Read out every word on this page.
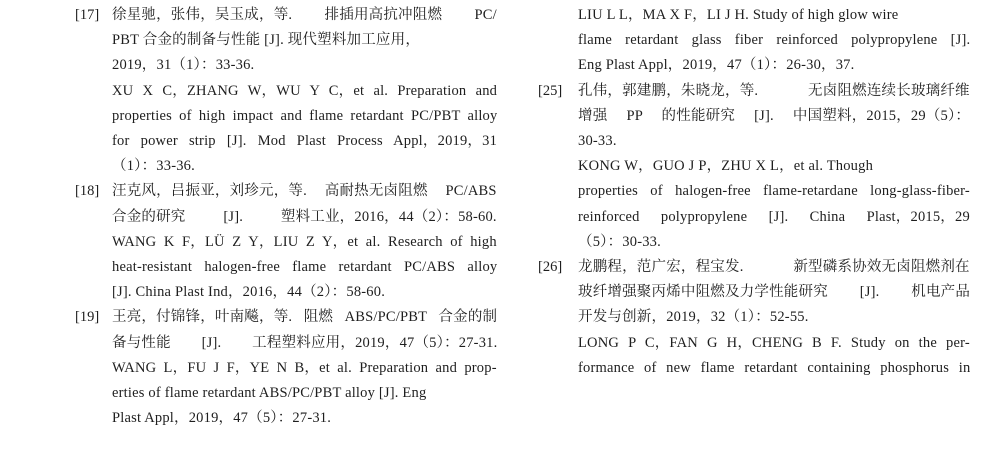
[17] 徐星驰，张伟，吴玉成，等. 排插用高抗冲阻燃 PC/
PBT 合金的制备与性能 [J]. 现代塑料加工应用，
2019，31（1）：33-36.
XU X C，ZHANG W，WU Y C，et al. Preparation and
properties of high impact and flame retardant PC/PBT alloy
for power strip [J]. Mod Plast Process Appl，2019，31
（1）：33-36.
[18] 汪克风，吕振亚，刘珍元，等. 高耐热无卤阻燃 PC/ABS
合金的研究 [J]. 塑料工业，2016，44（2）：58-60.
WANG K F，LÜ Z Y，LIU Z Y，et al. Research of high
heat-resistant halogen-free flame retardant PC/ABS alloy
[J]. China Plast Ind，2016，44（2）：58-60.
[19] 王亮，付锦锋，叶南飚，等. 阻燃 ABS/PC/PBT 合金的制
备与性能 [J]. 工程塑料应用，2019，47（5）：27-31.
WANG L，FU J F，YE N B，et al. Preparation and prop-
erties of flame retardant ABS/PC/PBT alloy [J]. Eng
Plast Appl，2019，47（5）：27-31.
LIU L L，MA X F，LI J H. Study of high glow wire
flame retardant glass fiber reinforced polypropylene [J].
Eng Plast Appl，2019，47（1）：26-30，37.
[25] 孔伟，郭建鹏，朱晓龙，等. 无卤阻燃连续长玻璃纤维
增强 PP 的性能研究 [J]. 中国塑料，2015，29（5）：
30-33.
KONG W，GUO J P，ZHU X L，et al. Though
properties of halogen-free flame-retardane long-glass-fiber-
reinforced polypropylene [J]. China Plast，2015，29
（5）：30-33.
[26] 龙鹏程，范广宏，程宝发. 新型磷系协效无卤阻燃剂在
玻纤增强聚丙烯中阻燃及力学性能研究 [J]. 机电产品
开发与创新，2019，32（1）：52-55.
LONG P C，FAN G H，CHENG B F. Study on the per-
formance of new flame retardant containing phosphorus in
